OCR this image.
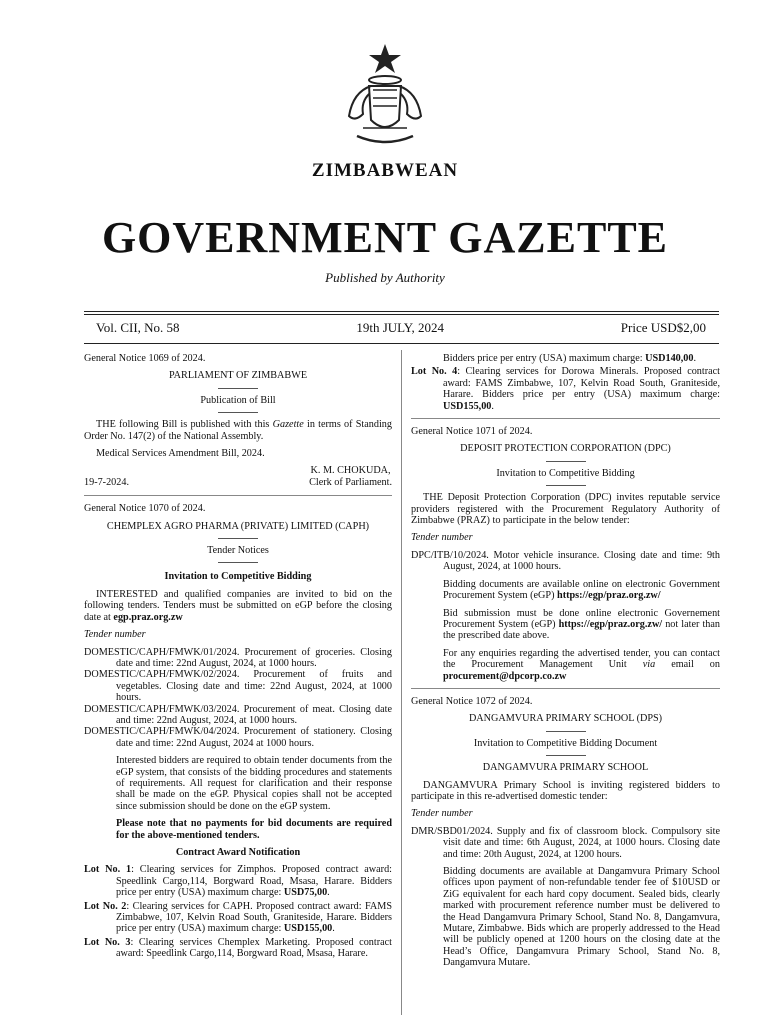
ZIMBABWEAN
GOVERNMENT GAZETTE
Published by Authority
Vol. CII, No. 58	19th JULY, 2024	Price USD$2,00

General Notice 1069 of 2024.

PARLIAMENT OF ZIMBABWE

Publication of Bill

THE following Bill is published with this Gazette in terms of Standing Order No. 147(2) of the National Assembly.

Medical Services Amendment Bill, 2024.

19-7-2024.
K. M. CHOKUDA,
Clerk of Parliament.

General Notice 1070 of 2024.

CHEMPLEX AGRO PHARMA (PRIVATE) LIMITED (CAPH)

Tender Notices

Invitation to Competitive Bidding

INTERESTED and qualified companies are invited to bid on the following tenders. Tenders must be submitted on eGP before the closing date at egp.praz.org.zw

Tender number

DOMESTIC/CAPH/FMWK/01/2024. Procurement of groceries. Closing date and time: 22nd August, 2024, at 1000 hours.

DOMESTIC/CAPH/FMWK/02/2024. Procurement of fruits and vegetables. Closing date and time: 22nd August, 2024, at 1000 hours.

DOMESTIC/CAPH/FMWK/03/2024. Procurement of meat. Closing date and time: 22nd August, 2024, at 1000 hours.

DOMESTIC/CAPH/FMWK/04/2024. Procurement of stationery. Closing date and time: 22nd August, 2024 at 1000 hours.

Interested bidders are required to obtain tender documents from the eGP system, that consists of the bidding procedures and statements of requirements. All request for clarification and their response shall be made on the eGP. Physical copies shall not be accepted since submission should be done on the eGP system.

Please note that no payments for bid documents are required for the above-mentioned tenders.

Contract Award Notification

Lot No. 1: Clearing services for Zimphos. Proposed contract award: Speedlink Cargo,114, Borgward Road, Msasa, Harare. Bidders price per entry (USA) maximum charge: USD75,00.

Lot No. 2: Clearing services for CAPH. Proposed contract award: FAMS Zimbabwe, 107, Kelvin Road South, Graniteside, Harare. Bidders price per entry (USA) maximum charge: USD155,00.

Lot No. 3: Clearing services Chemplex Marketing. Proposed contract award: Speedlink Cargo,114, Borgward Road, Msasa, Harare.

Bidders price per entry (USA) maximum charge: USD140,00.

Lot No. 4: Clearing services for Dorowa Minerals. Proposed contract award: FAMS Zimbabwe, 107, Kelvin Road South, Graniteside, Harare. Bidders price per entry (USA) maximum charge: USD155,00.

General Notice 1071 of 2024.

DEPOSIT PROTECTION CORPORATION (DPC)

Invitation to Competitive Bidding

THE Deposit Protection Corporation (DPC) invites reputable service providers registered with the Procurement Regulatory Authority of Zimbabwe (PRAZ) to participate in the below tender:

Tender number

DPC/ITB/10/2024. Motor vehicle insurance. Closing date and time: 9th August, 2024, at 1000 hours.

Bidding documents are available online on electronic Government Procurement System (eGP) https://egp/praz.org.zw/

Bid submission must be done online electronic Governement Procurement System (eGP) https://egp/praz.org.zw/ not later than the prescribed date above.

For any enquiries regarding the advertised tender, you can contact the Procurement Management Unit via email on procurement@dpcorp.co.zw

General Notice 1072 of 2024.

DANGAMVURA PRIMARY SCHOOL (DPS)

Invitation to Competitive Bidding Document

DANGAMVURA PRIMARY SCHOOL

DANGAMVURA Primary School is inviting registered bidders to participate in this re-advertised domestic tender:

Tender number

DMR/SBD01/2024. Supply and fix of classroom block. Compulsory site visit date and time: 6th August, 2024, at 1000 hours. Closing date and time: 20th August, 2024, at 1200 hours.

Bidding documents are available at Dangamvura Primary School offices upon payment of non-refundable tender fee of $10USD or ZiG equivalent for each hard copy document. Sealed bids, clearly marked with procurement reference number must be delivered to the Head Dangamvura Primary School, Stand No. 8, Dangamvura, Mutare, Zimbabwe. Bids which are properly addressed to the Head will be publicly opened at 1200 hours on the closing date at the Head’s Office, Dangamvura Primary School, Stand No. 8, Dangamvura Mutare.
